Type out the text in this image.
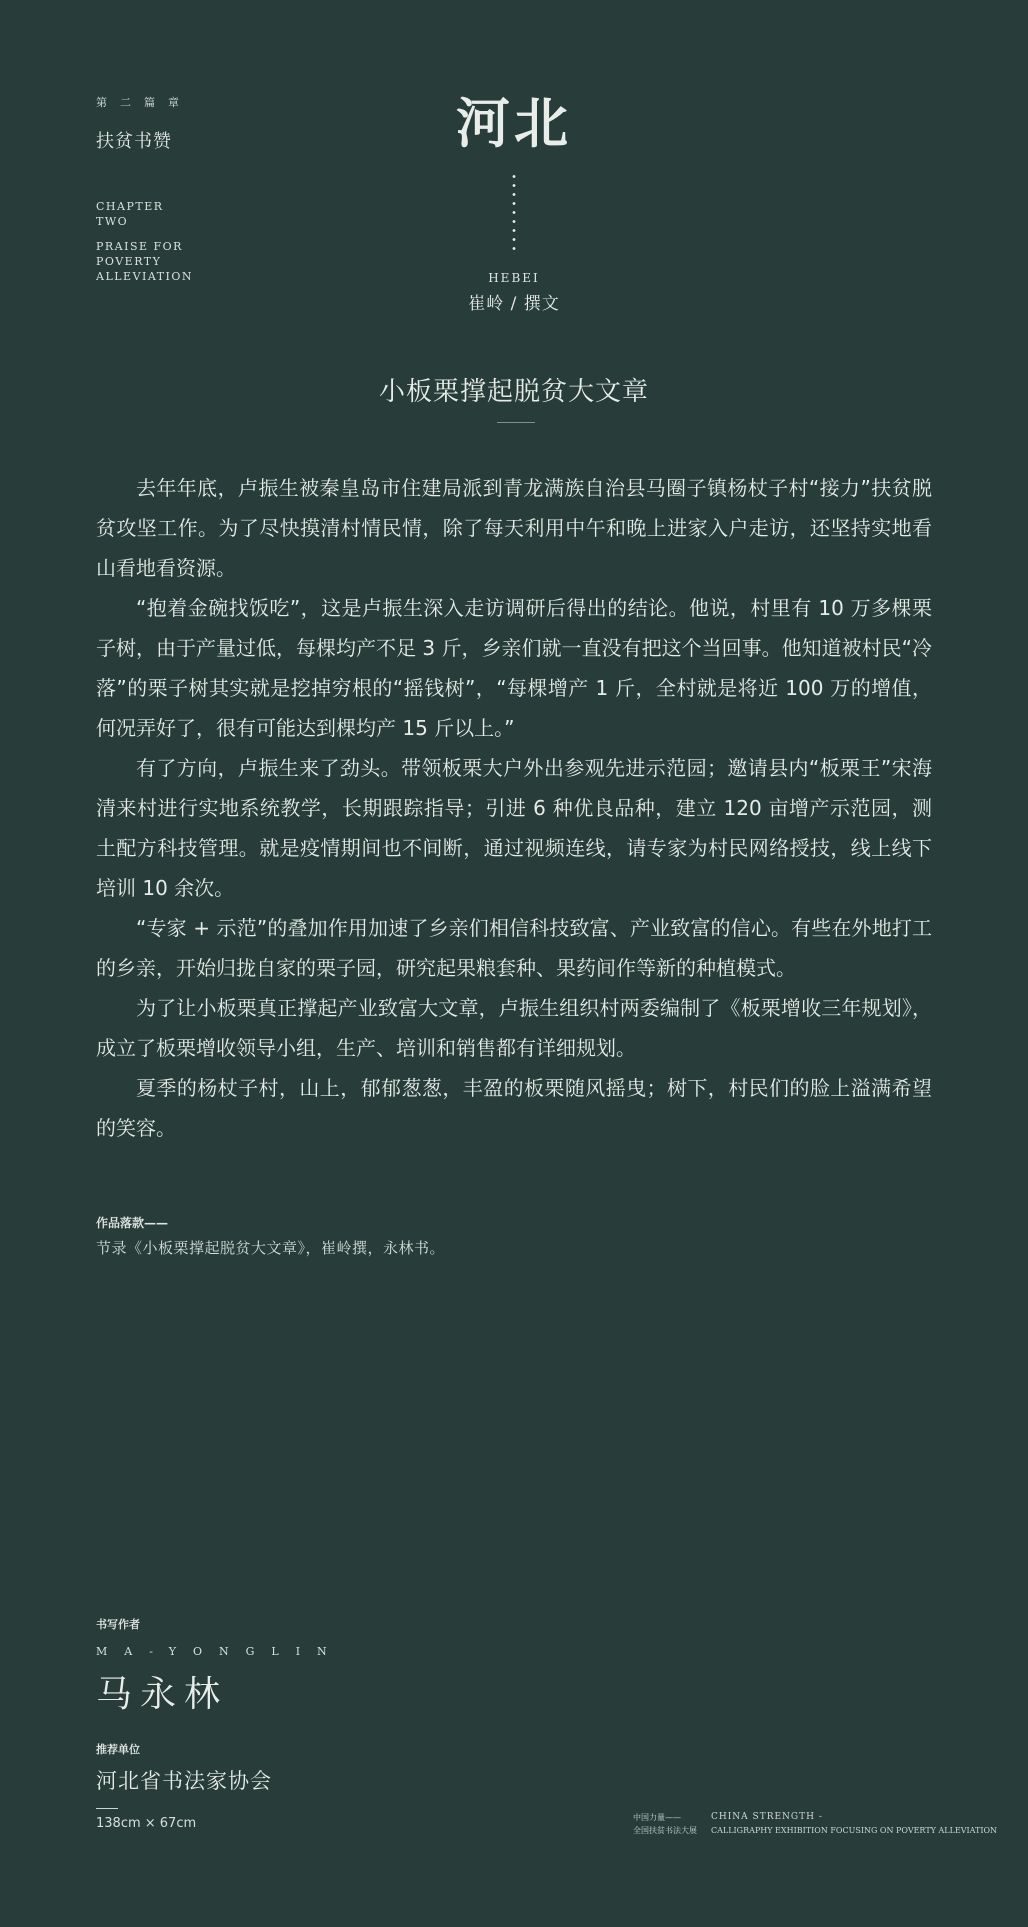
第二篇章
扶贫书赞
CHAPTER
TWO
PRAISE FOR
POVERTY
ALLEVIATION
河北
HEBEI
崔岭 / 撰文
小板栗撑起脱贫大文章

去年年底，卢振生被秦皇岛市住建局派到青龙满族自治县马圈子镇杨杖子村“接力”扶贫脱贫攻坚工作。为了尽快摸清村情民情，除了每天利用中午和晚上进家入户走访，还坚持实地看山看地看资源。

“抱着金碗找饭吃”，这是卢振生深入走访调研后得出的结论。他说，村里有 10 万多棵栗子树，由于产量过低，每棵均产不足 3 斤，乡亲们就一直没有把这个当回事。他知道被村民“冷落”的栗子树其实就是挖掉穷根的“摇钱树”，“每棵增产 1 斤，全村就是将近 100 万的增值，何况弄好了，很有可能达到棵均产 15 斤以上。”

有了方向，卢振生来了劲头。带领板栗大户外出参观先进示范园；邀请县内“板栗王”宋海清来村进行实地系统教学，长期跟踪指导；引进 6 种优良品种，建立 120 亩增产示范园，测土配方科技管理。就是疫情期间也不间断，通过视频连线，请专家为村民网络授技，线上线下培训 10 余次。

“专家 + 示范”的叠加作用加速了乡亲们相信科技致富、产业致富的信心。有些在外地打工的乡亲，开始归拢自家的栗子园，研究起果粮套种、果药间作等新的种植模式。

为了让小板栗真正撑起产业致富大文章，卢振生组织村两委编制了《板栗增收三年规划》，成立了板栗增收领导小组，生产、培训和销售都有详细规划。

夏季的杨杖子村，山上，郁郁葱葱，丰盈的板栗随风摇曳；树下，村民们的脸上溢满希望的笑容。

作品落款——
节录《小板栗撑起脱贫大文章》，崔岭撰，永林书。
书写作者
MA-YONGLIN
马永林
推荐单位
河北省书法家协会
138cm × 67cm	中国力量——
全国扶贫书法大展
CHINA STRENGTH -
CALLIGRAPHY EXHIBITION FOCUSING ON POVERTY ALLEVIATION
